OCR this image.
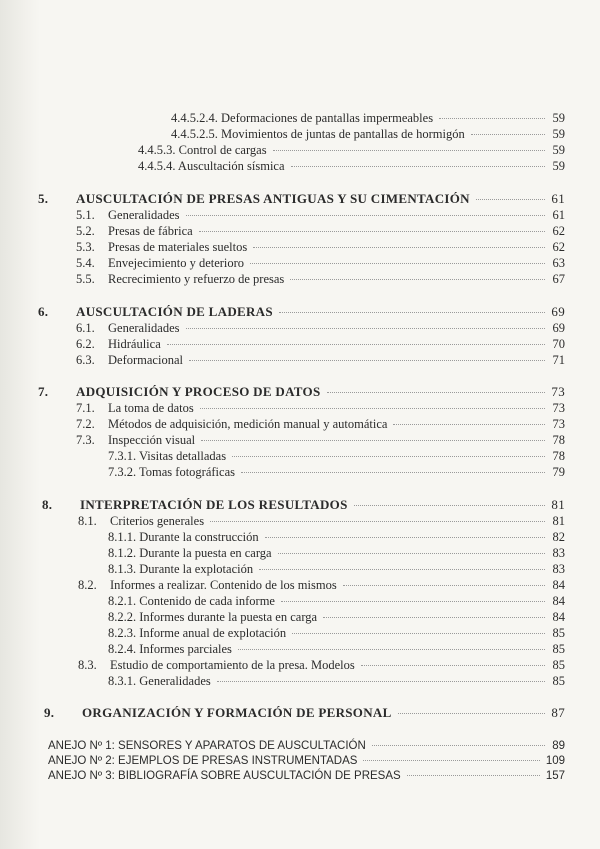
4.4.5.2.4. Deformaciones de pantallas impermeables	59
4.4.5.2.5. Movimientos de juntas de pantallas de hormigón	59
4.4.5.3. Control de cargas	59
4.4.5.4. Auscultación sísmica	59
5.	AUSCULTACIÓN DE PRESAS ANTIGUAS Y SU CIMENTACIÓN	61
5.1.	Generalidades	61
5.2.	Presas de fábrica	62
5.3.	Presas de materiales sueltos	62
5.4.	Envejecimiento y deterioro	63
5.5.	Recrecimiento y refuerzo de presas	67
6.	AUSCULTACIÓN DE LADERAS	69
6.1.	Generalidades	69
6.2.	Hidráulica	70
6.3.	Deformacional	71
7.	ADQUISICIÓN Y PROCESO DE DATOS	73
7.1.	La toma de datos	73
7.2.	Métodos de adquisición, medición manual y automática	73
7.3.	Inspección visual	78
7.3.1. Visitas detalladas	78
7.3.2. Tomas fotográficas	79
8.	INTERPRETACIÓN DE LOS RESULTADOS	81
8.1.	Criterios generales	81
8.1.1. Durante la construcción	82
8.1.2. Durante la puesta en carga	83
8.1.3. Durante la explotación	83
8.2.	Informes a realizar. Contenido de los mismos	84
8.2.1. Contenido de cada informe	84
8.2.2. Informes durante la puesta en carga	84
8.2.3. Informe anual de explotación	85
8.2.4. Informes parciales	85
8.3.	Estudio de comportamiento de la presa. Modelos	85
8.3.1. Generalidades	85
9.	ORGANIZACIÓN Y FORMACIÓN DE PERSONAL	87
ANEJO Nº 1: SENSORES Y APARATOS DE AUSCULTACIÓN	89
ANEJO Nº 2: EJEMPLOS DE PRESAS INSTRUMENTADAS	109
ANEJO Nº 3: BIBLIOGRAFÍA SOBRE AUSCULTACIÓN DE PRESAS	157
